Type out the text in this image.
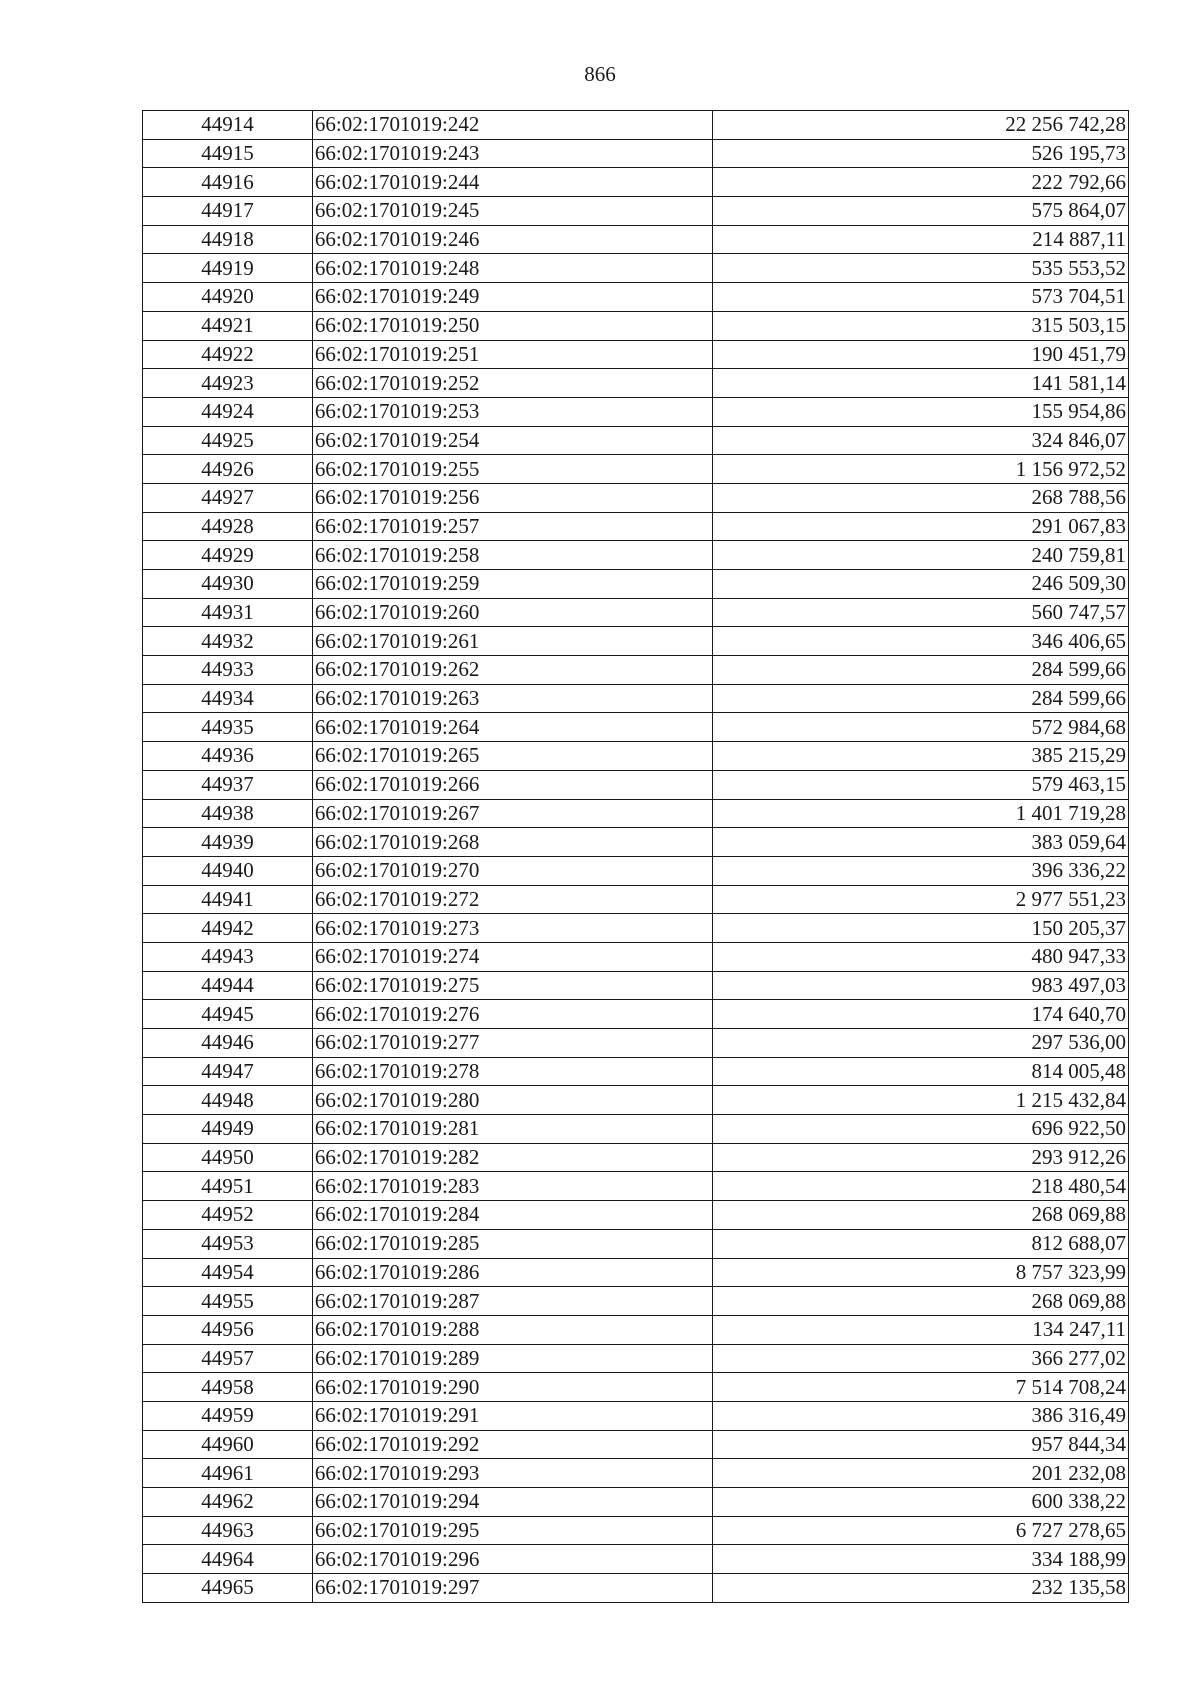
866
44914	66:02:1701019:242	22 256 742,28
44915	66:02:1701019:243	526 195,73
44916	66:02:1701019:244	222 792,66
44917	66:02:1701019:245	575 864,07
44918	66:02:1701019:246	214 887,11
44919	66:02:1701019:248	535 553,52
44920	66:02:1701019:249	573 704,51
44921	66:02:1701019:250	315 503,15
44922	66:02:1701019:251	190 451,79
44923	66:02:1701019:252	141 581,14
44924	66:02:1701019:253	155 954,86
44925	66:02:1701019:254	324 846,07
44926	66:02:1701019:255	1 156 972,52
44927	66:02:1701019:256	268 788,56
44928	66:02:1701019:257	291 067,83
44929	66:02:1701019:258	240 759,81
44930	66:02:1701019:259	246 509,30
44931	66:02:1701019:260	560 747,57
44932	66:02:1701019:261	346 406,65
44933	66:02:1701019:262	284 599,66
44934	66:02:1701019:263	284 599,66
44935	66:02:1701019:264	572 984,68
44936	66:02:1701019:265	385 215,29
44937	66:02:1701019:266	579 463,15
44938	66:02:1701019:267	1 401 719,28
44939	66:02:1701019:268	383 059,64
44940	66:02:1701019:270	396 336,22
44941	66:02:1701019:272	2 977 551,23
44942	66:02:1701019:273	150 205,37
44943	66:02:1701019:274	480 947,33
44944	66:02:1701019:275	983 497,03
44945	66:02:1701019:276	174 640,70
44946	66:02:1701019:277	297 536,00
44947	66:02:1701019:278	814 005,48
44948	66:02:1701019:280	1 215 432,84
44949	66:02:1701019:281	696 922,50
44950	66:02:1701019:282	293 912,26
44951	66:02:1701019:283	218 480,54
44952	66:02:1701019:284	268 069,88
44953	66:02:1701019:285	812 688,07
44954	66:02:1701019:286	8 757 323,99
44955	66:02:1701019:287	268 069,88
44956	66:02:1701019:288	134 247,11
44957	66:02:1701019:289	366 277,02
44958	66:02:1701019:290	7 514 708,24
44959	66:02:1701019:291	386 316,49
44960	66:02:1701019:292	957 844,34
44961	66:02:1701019:293	201 232,08
44962	66:02:1701019:294	600 338,22
44963	66:02:1701019:295	6 727 278,65
44964	66:02:1701019:296	334 188,99
44965	66:02:1701019:297	232 135,58
